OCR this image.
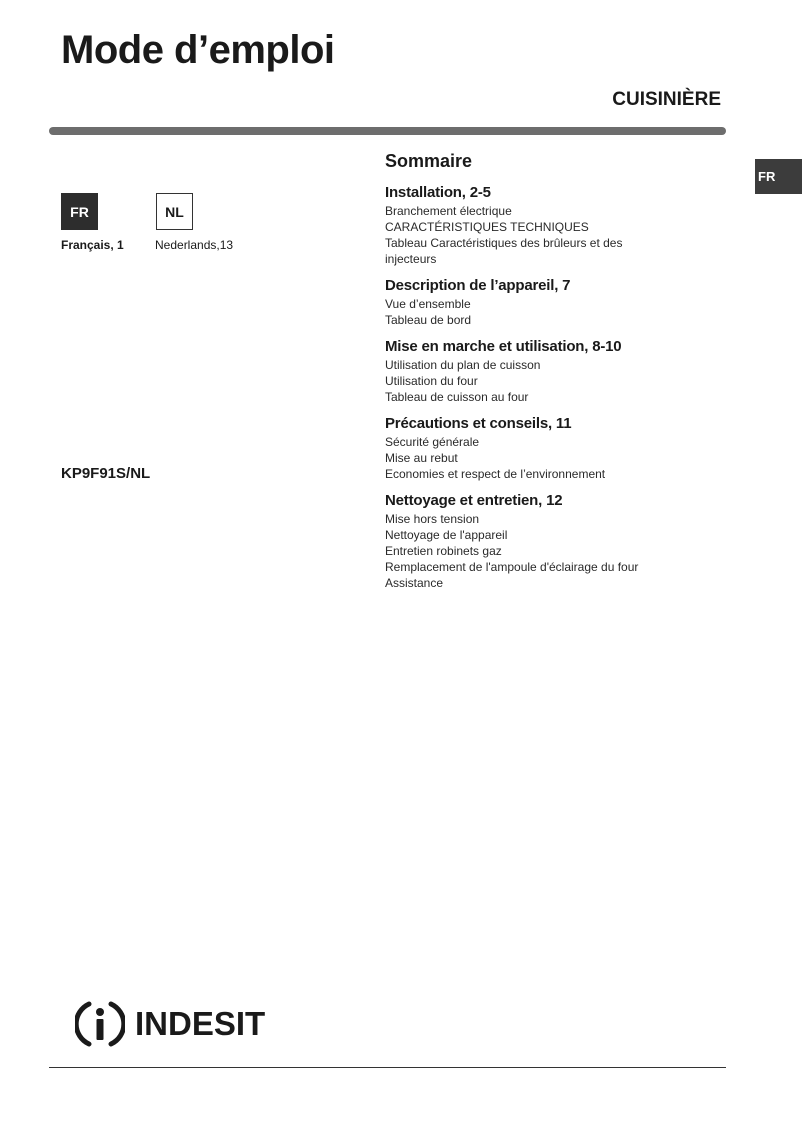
Mode d’emploi
CUISINIÈRE
FR
FR	NL
Français, 1	Nederlands,13
KP9F91S/NL
Sommaire
Installation, 2-5
Branchement électrique
CARACTÉRISTIQUES TECHNIQUES
Tableau Caractéristiques des brûleurs et des
injecteurs
Description de l’appareil, 7
Vue d’ensemble
Tableau de bord
Mise en marche et utilisation, 8-10
Utilisation du plan de cuisson
Utilisation du four
Tableau de cuisson au four
Précautions et conseils, 11
Sécurité générale
Mise au rebut
Economies et respect de l’environnement
Nettoyage et entretien, 12
Mise hors tension
Nettoyage de l'appareil
Entretien robinets gaz
Remplacement de l'ampoule d'éclairage du four
Assistance
INDESIT
